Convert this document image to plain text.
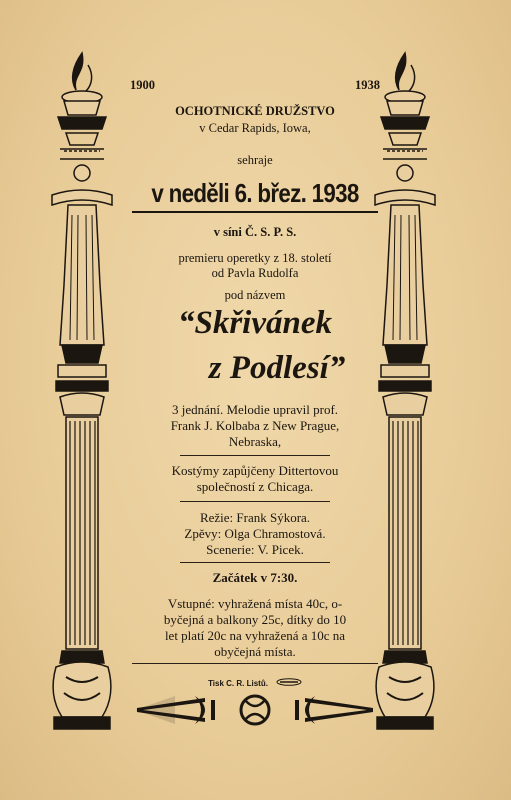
1900	1938
OCHOTNICKÉ DRUŽSTVO
v Cedar Rapids, Iowa,
sehraje
v neděli 6. břez. 1938
v síni Č. S. P. S.
premieru operetky z 18. století
od Pavla Rudolfa
pod názvem
“Skřivánek
z Podlesí”
3 jednání. Melodie upravil prof.
Frank J. Kolbaba z New Prague,
Nebraska,
Kostýmy zapůjčeny Dittertovou
společností z Chicaga.
Režie: Frank Sýkora.
Zpěvy: Olga Chramostová.
Scenerie: V. Picek.
Začátek v 7:30.
Vstupné: vyhražená místa 40c, o-
byčejná a balkony 25c, dítky do 10
let platí 20c na vyhražená a 10c na
obyčejná místa.
Tisk C. R. Listů.
